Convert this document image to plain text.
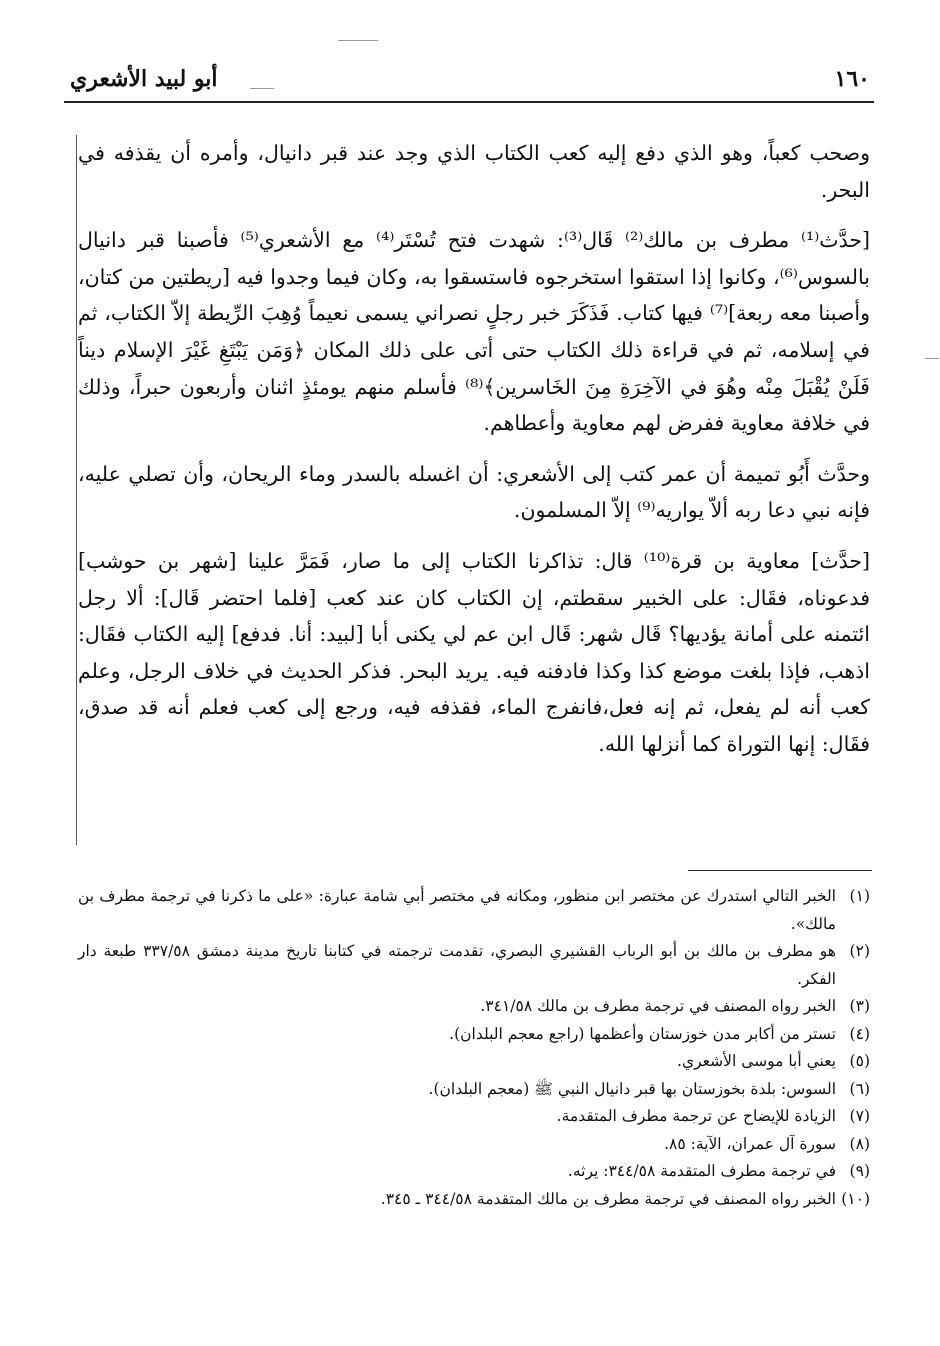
١٦٠
أبو لبيد الأشعري

وصحب كعباً، وهو الذي دفع إليه كعب الكتاب الذي وجد عند قبر دانيال، وأمره أن يقذفه في البحر.

[حدَّث⁽¹⁾ مطرف بن مالك⁽²⁾ قَال⁽³⁾: شهدت فتح تُسْتَر⁽⁴⁾ مع الأشعري⁽⁵⁾ فأصبنا قبر دانيال بالسوس⁽⁶⁾، وكانوا إذا استقوا استخرجوه فاستسقوا به، وكان فيما وجدوا فيه [ريطتين من كتان، وأصبنا معه ربعة]⁽⁷⁾ فيها كتاب. فَذَكَرَ خبر رجلٍ نصراني يسمى نعيماً وُهِبَ الرِّيطة إلاّ الكتاب، ثم في إسلامه، ثم في قراءة ذلك الكتاب حتى أتى على ذلك المكان ﴿وَمَن يَبْتَغِ غَيْرَ الإسلام ديناً فَلَنْ يُقْبَلَ مِنْه وهُوَ في الآخِرَةِ مِنَ الخَاسرين﴾⁽⁸⁾ فأسلم منهم يومئذٍ اثنان وأربعون حبراً، وذلك في خلافة معاوية ففرض لهم معاوية وأعطاهم.

وحدَّث أَبُو تميمة أن عمر كتب إلى الأشعري: أن اغسله بالسدر وماء الريحان، وأن تصلي عليه، فإنه نبي دعا ربه ألاّ يواريه⁽⁹⁾ إلاّ المسلمون.

[حدَّث] معاوية بن قرة⁽¹⁰⁾ قال: تذاكرنا الكتاب إلى ما صار، فَمَرَّ علينا [شهر بن حوشب] فدعوناه، فقَال: على الخبير سقطتم، إن الكتاب كان عند كعب [فلما احتضر قَال]: ألا رجل ائتمنه على أمانة يؤديها؟ قَال شهر: قَال ابن عم لي يكنى أبا [لبيد: أنا. فدفع] إليه الكتاب فقَال: اذهب، فإذا بلغت موضع كذا وكذا فادفنه فيه. يريد البحر. فذكر الحديث في خلاف الرجل، وعلم كعب أنه لم يفعل، ثم إنه فعل،فانفرج الماء، فقذفه فيه، ورجع إلى كعب فعلم أنه قد صدق، فقَال: إنها التوراة كما أنزلها الله.

(١)
الخبر التالي استدرك عن مختصر ابن منظور، ومكانه في مختصر أبي شامة عبارة: «على ما ذكرنا في ترجمة مطرف بن مالك».
(٢)
هو مطرف بن مالك بن أبو الرباب القشيري البصري، تقدمت ترجمته في كتابنا تاريخ مدينة دمشق ٣٣٧/٥٨ طبعة دار الفكر.
(٣)
الخبر رواه المصنف في ترجمة مطرف بن مالك ٣٤١/٥٨.
(٤)
تستر من أكابر مدن خوزستان وأعظمها (راجع معجم البلدان).
(٥)
يعني أبا موسى الأشعري.
(٦)
السوس: بلدة بخوزستان بها قبر دانيال النبي ﷺ (معجم البلدان).
(٧)
الزيادة للإيضاح عن ترجمة مطرف المتقدمة.
(٨)
سورة آل عمران، الآية: ٨٥.
(٩)
في ترجمة مطرف المتقدمة ٣٤٤/٥٨: يرثه.
(١٠)
الخبر رواه المصنف في ترجمة مطرف بن مالك المتقدمة ٣٤٤/٥٨ ـ ٣٤٥.
